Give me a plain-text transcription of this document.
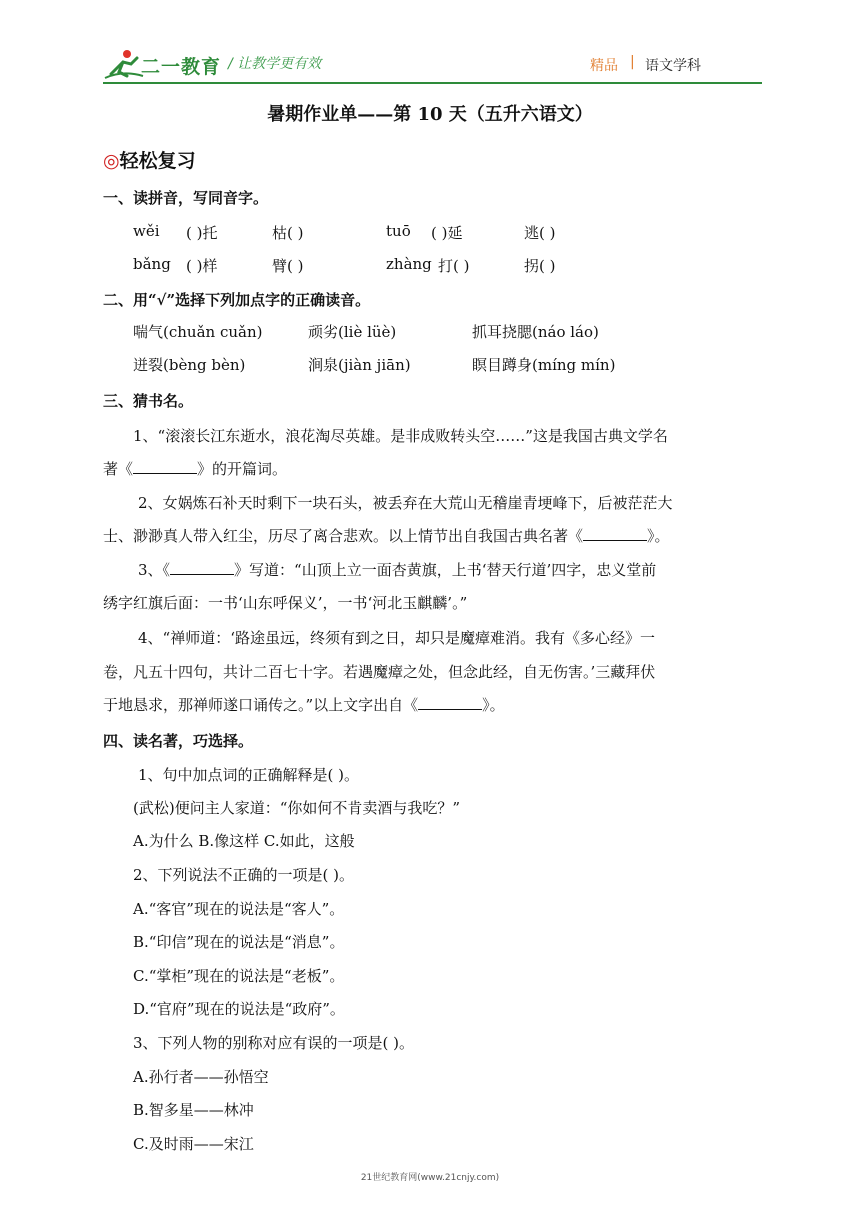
二一教育 / 让教学更有效	精品 | 语文学科
暑期作业单——第 10 天（五升六语文）
◎轻松复习
一、读拼音，写同音字。
wěi ( )托	枯( )	tuō ( )延	逃( )
bǎng ( )样	臂( )	zhàng 打( )	拐( )
二、用“√”选择下列加点字的正确读音。
喘气(chuǎn cuǎn)	顽劣(liè lüè)	抓耳挠腮(náo láo)
迸裂(bèng bèn)	涧泉(jiàn jiān)	瞑目蹲身(míng mín)
三、猜书名。
1、“滚滚长江东逝水，浪花淘尽英雄。是非成败转头空……”这是我国古典文学名
著《	》的开篇词。
2、女娲炼石补天时剩下一块石头，被丢弃在大荒山无稽崖青埂峰下，后被茫茫大
士、渺渺真人带入红尘，历尽了离合悲欢。以上情节出自我国古典名著《	》。
3、《	》写道：“山顶上立一面杏黄旗，上书‘替天行道’四字，忠义堂前
绣字红旗后面：一书‘山东呼保义’，一书‘河北玉麒麟’。”
4、“禅师道：‘路途虽远，终须有到之日，却只是魔瘴难消。我有《多心经》一
卷，凡五十四句，共计二百七十字。若遇魔瘴之处，但念此经，自无伤害。’三藏拜伏
于地恳求，那禅师遂口诵传之。”以上文字出自《	》。
四、读名著，巧选择。
1、句中加点词的正确解释是( )。
(武松)便问主人家道：“你如何不肯卖酒与我吃？”
A.为什么 B.像这样 C.如此，这般
2、下列说法不正确的一项是( )。
A.“客官”现在的说法是“客人”。
B.“印信”现在的说法是“消息”。
C.“掌柜”现在的说法是“老板”。
D.“官府”现在的说法是“政府”。
3、下列人物的别称对应有误的一项是( )。
A.孙行者——孙悟空
B.智多星——林冲
C.及时雨——宋江
21世纪教育网(www.21cnjy.com)
